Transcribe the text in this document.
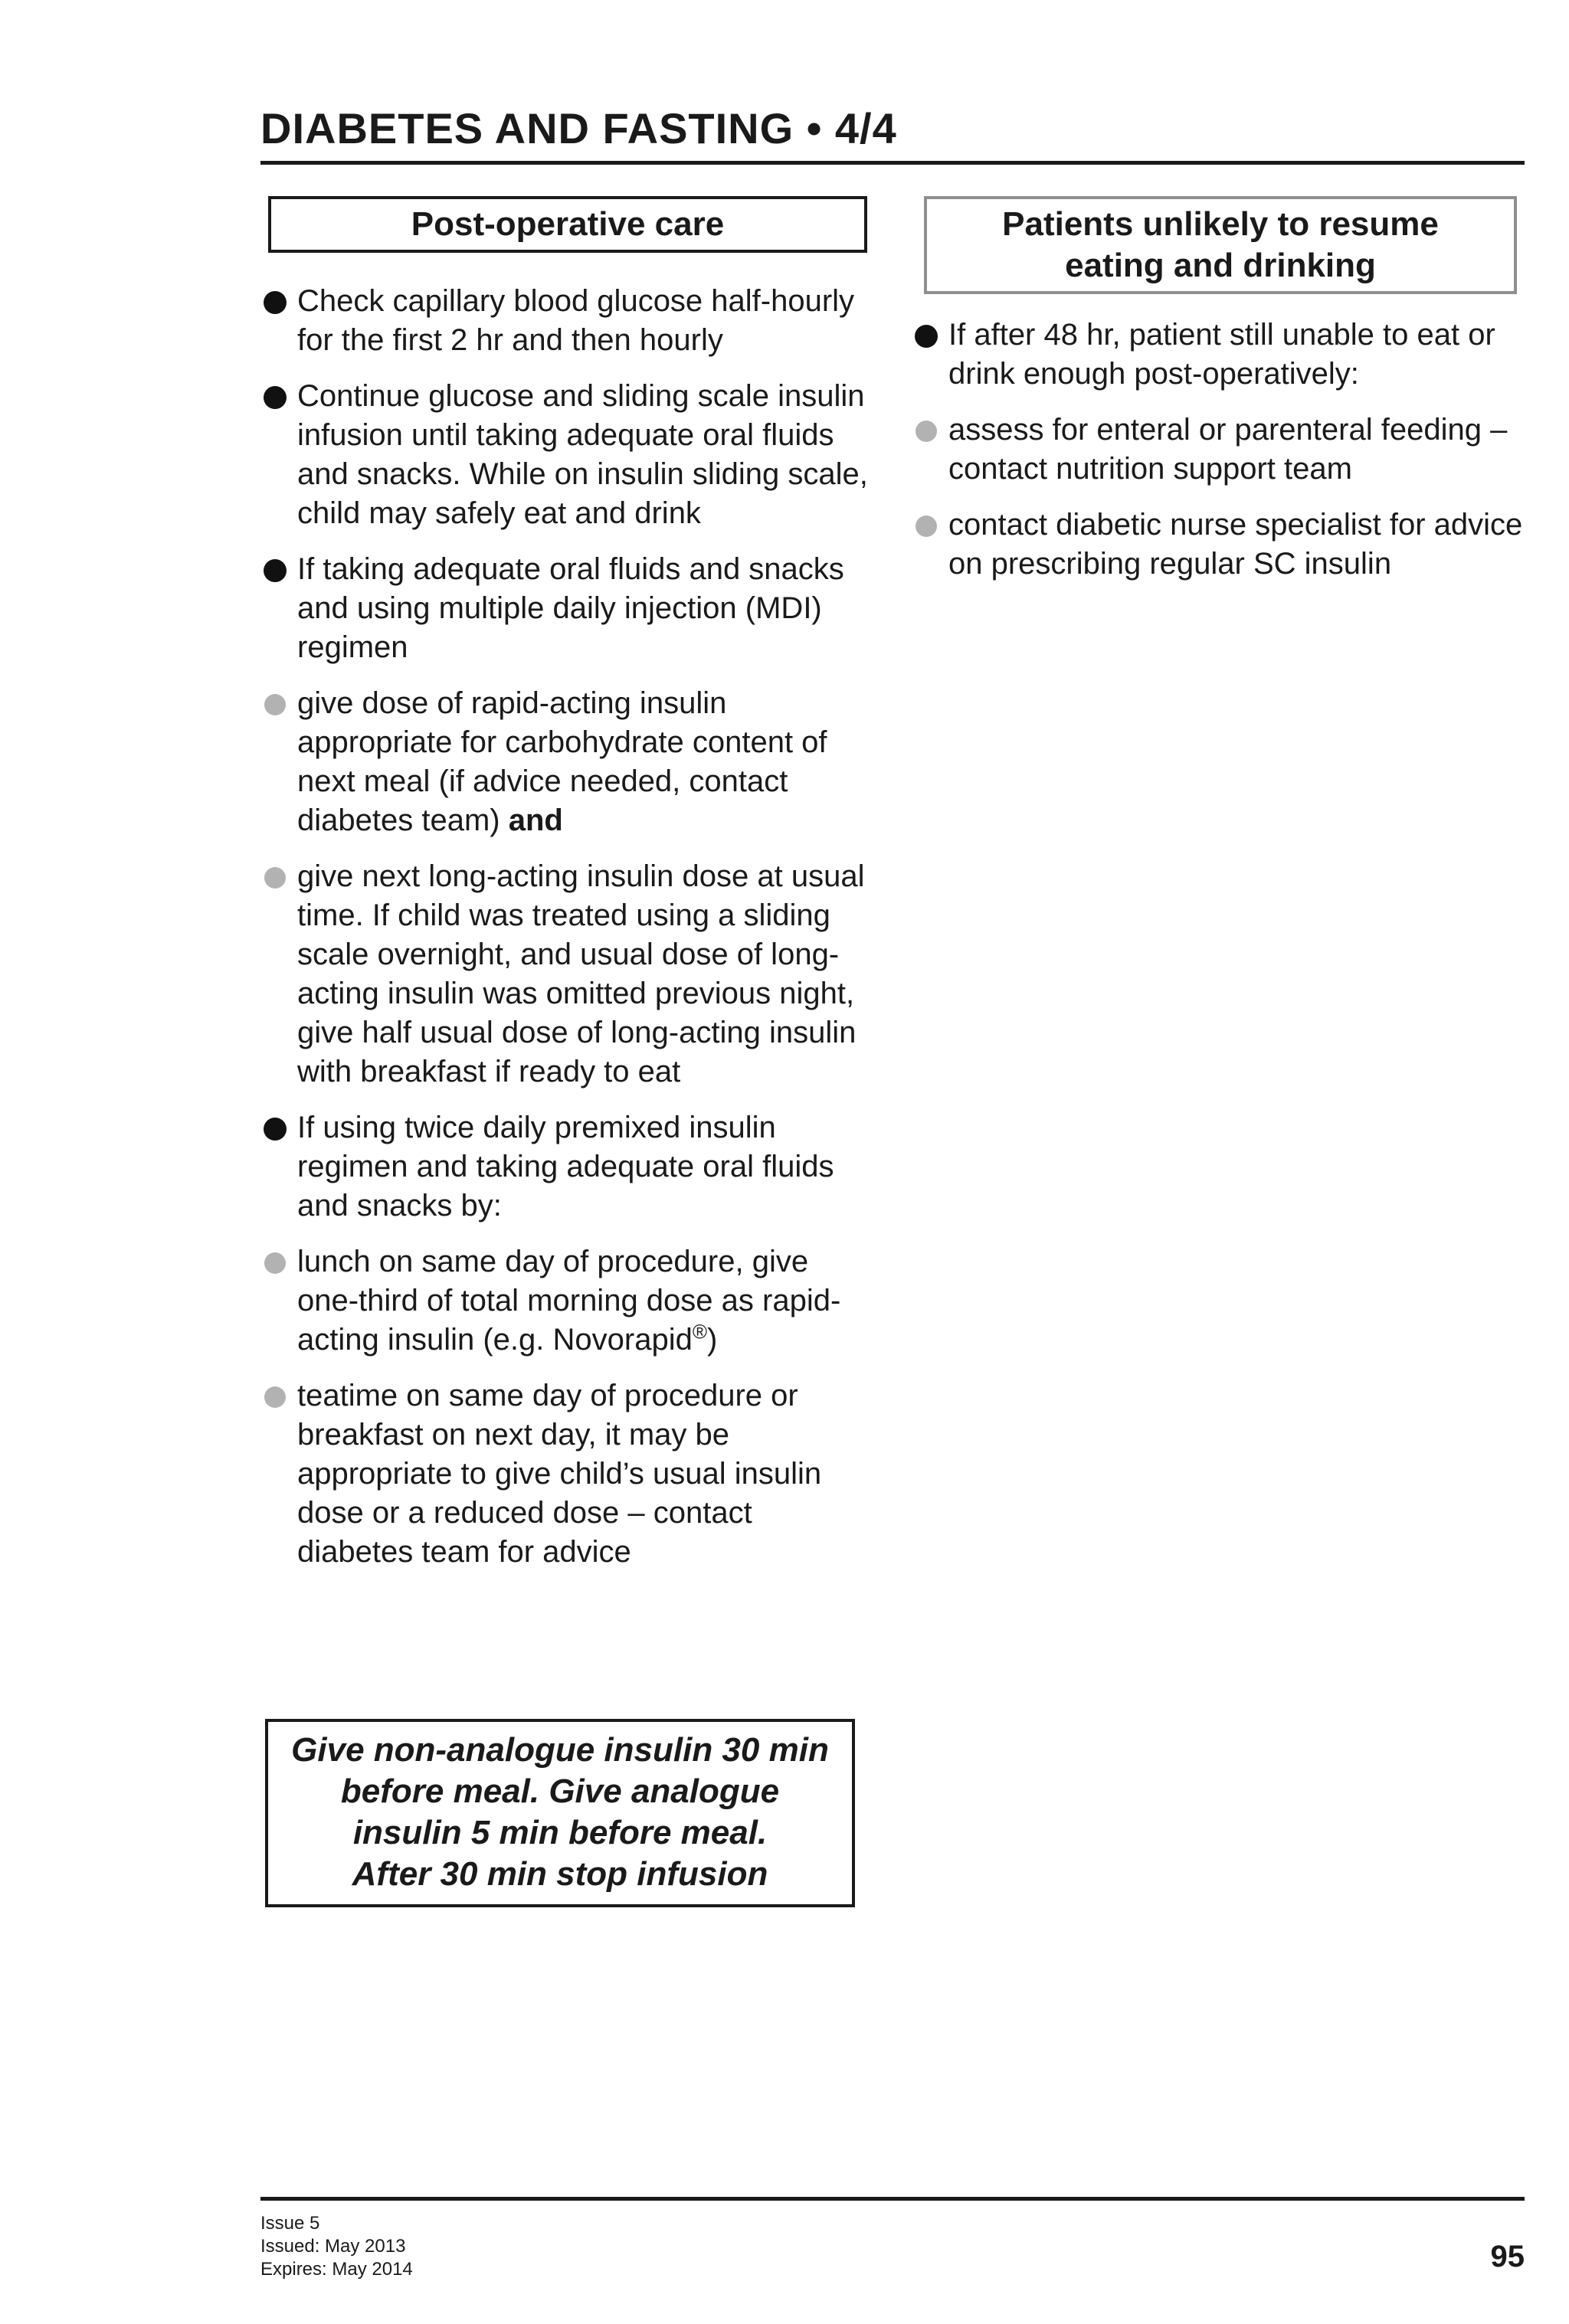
DIABETES AND FASTING • 4/4
Post-operative care
Check capillary blood glucose half-hourly for the first 2 hr and then hourly
Continue glucose and sliding scale insulin infusion until taking adequate oral fluids and snacks. While on insulin sliding scale, child may safely eat and drink
If taking adequate oral fluids and snacks and using multiple daily injection (MDI) regimen
give dose of rapid-acting insulin appropriate for carbohydrate content of next meal (if advice needed, contact diabetes team) and
give next long-acting insulin dose at usual time. If child was treated using a sliding scale overnight, and usual dose of long-acting insulin was omitted previous night, give half usual dose of long-acting insulin with breakfast if ready to eat
If using twice daily premixed insulin regimen and taking adequate oral fluids and snacks by:
lunch on same day of procedure, give one-third of total morning dose as rapid-acting insulin (e.g. Novorapid®)
teatime on same day of procedure or breakfast on next day, it may be appropriate to give child’s usual insulin dose or a reduced dose – contact diabetes team for advice
Give non-analogue insulin 30 min
before meal. Give analogue
insulin 5 min before meal.
After 30 min stop infusion
Patients unlikely to resume
eating and drinking
If after 48 hr, patient still unable to eat or drink enough post-operatively:
assess for enteral or parenteral feeding – contact nutrition support team
contact diabetic nurse specialist for advice on prescribing regular SC insulin
Issue 5
Issued: May 2013
Expires: May 2014	95
